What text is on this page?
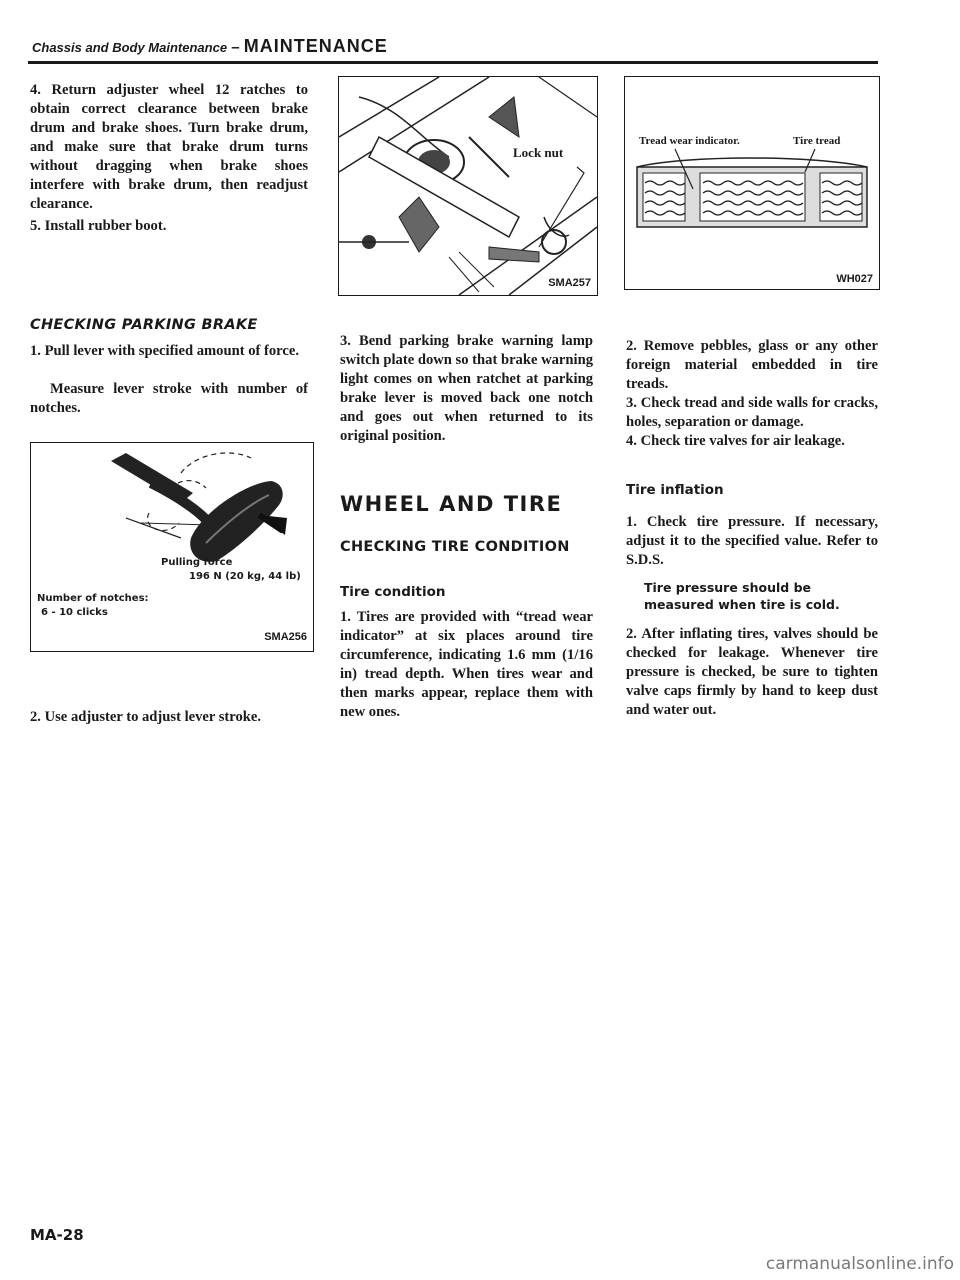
Chassis and Body Maintenance – MAINTENANCE
4. Return adjuster wheel 12 ratches to obtain correct clearance between brake drum and brake shoes. Turn brake drum, and make sure that brake drum turns without dragging when brake shoes interfere with brake drum, then readjust clearance.
5. Install rubber boot.
CHECKING PARKING BRAKE
1. Pull lever with specified amount of force.

Measure lever stroke with number of notches.

Pulling force
196 N (20 kg, 44 lb)
Number of notches:
6 - 10 clicks
SMA256
2. Use adjuster to adjust lever stroke.
Lock nut
SMA257
3. Bend parking brake warning lamp switch plate down so that brake warning light comes on when ratchet at parking brake lever is moved back one notch and goes out when returned to its original position.
WHEEL AND TIRE
CHECKING TIRE CONDITION
Tire condition
1. Tires are provided with “tread wear indicator” at six places around tire circumference, indicating 1.6 mm (1/16 in) tread depth. When tires wear and then marks appear, replace them with new ones.
Tread wear indicator.	Tire tread
WH027
2. Remove pebbles, glass or any other foreign material embedded in tire treads.
3. Check tread and side walls for cracks, holes, separation or damage.
4. Check tire valves for air leakage.
Tire inflation
1. Check tire pressure. If necessary, adjust it to the specified value. Refer to S.D.S.
Tire pressure should be measured when tire is cold.
2. After inflating tires, valves should be checked for leakage. Whenever tire pressure is checked, be sure to tighten valve caps firmly by hand to keep dust and water out.
MA-28
carmanualsonline.info
